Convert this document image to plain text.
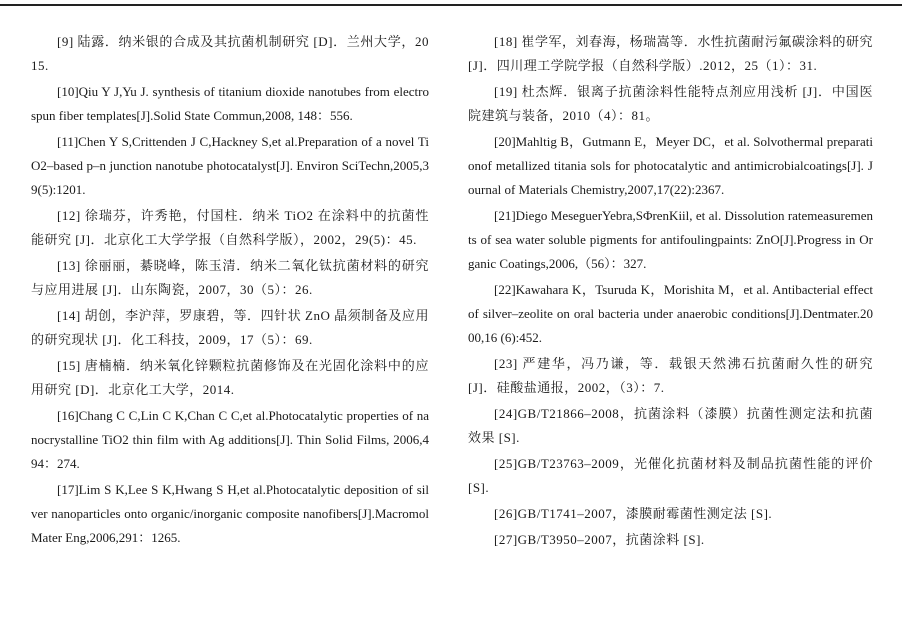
[9] 陆露．纳米银的合成及其抗菌机制研究 [D]．兰州大学，2015.

[10]Qiu Y J,Yu J. synthesis of titanium dioxide nanotubes from electrospun fiber templates[J].Solid State Commun,2008, 148：556.

[11]Chen Y S,Crittenden J C,Hackney S,et al.Preparation of a novel TiO2–based p–n junction nanotube photocatalyst[J]. Environ SciTechn,2005,39(5):1201.

[12] 徐瑞芬，许秀艳，付国柱．纳米 TiO2 在涂料中的抗菌性能研究 [J]．北京化工大学学报（自然科学版），2002，29(5)：45.

[13] 徐丽丽，綦晓峰，陈玉清．纳米二氧化钛抗菌材料的研究与应用进展 [J]．山东陶瓷，2007，30（5）：26.

[14] 胡创，李沪萍，罗康碧，等．四针状 ZnO 晶须制备及应用的研究现状 [J]．化工科技，2009，17（5）：69.

[15] 唐楠楠．纳米氧化锌颗粒抗菌修饰及在光固化涂料中的应用研究 [D]．北京化工大学，2014.

[16]Chang C C,Lin C K,Chan C C,et al.Photocatalytic properties of nanocrystalline TiO2 thin film with Ag additions[J]. Thin Solid Films, 2006,494：274.

[17]Lim S K,Lee S K,Hwang S H,et al.Photocatalytic deposition of silver nanoparticles onto organic/inorganic composite nanofibers[J].Macromol Mater Eng,2006,291：1265.

[18] 崔学军，刘春海，杨瑞嵩等．水性抗菌耐污氟碳涂料的研究 [J]．四川理工学院学报（自然科学版）.2012，25（1）：31.

[19] 杜杰辉．银离子抗菌涂料性能特点剂应用浅析 [J]．中国医院建筑与装备，2010（4）：81。

[20]Mahltig B，Gutmann E，Meyer DC，et al. Solvothermal preparationof metallized titania sols for photocatalytic and antimicrobialcoatings[J]. Journal of Materials Chemistry,2007,17(22):2367.

[21]Diego MeseguerYebra,SΦrenKiil, et al. Dissolution ratemeasurements of sea water soluble pigments for antifoulingpaints: ZnO[J].Progress in Organic Coatings,2006,（56）：327.

[22]Kawahara K，Tsuruda K，Morishita M，et al. Antibacterial effect of silver–zeolite on oral bacteria under anaerobic conditions[J].Dentmater.2000,16 (6):452.

[23] 严建华，冯乃谦，等．载银天然沸石抗菌耐久性的研究 [J]．硅酸盐通报，2002，（3）：7.

[24]GB/T21866–2008，抗菌涂料（漆膜）抗菌性测定法和抗菌效果 [S].

[25]GB/T23763–2009，光催化抗菌材料及制品抗菌性能的评价 [S].

[26]GB/T1741–2007，漆膜耐霉菌性测定法 [S].

[27]GB/T3950–2007，抗菌涂料 [S].
